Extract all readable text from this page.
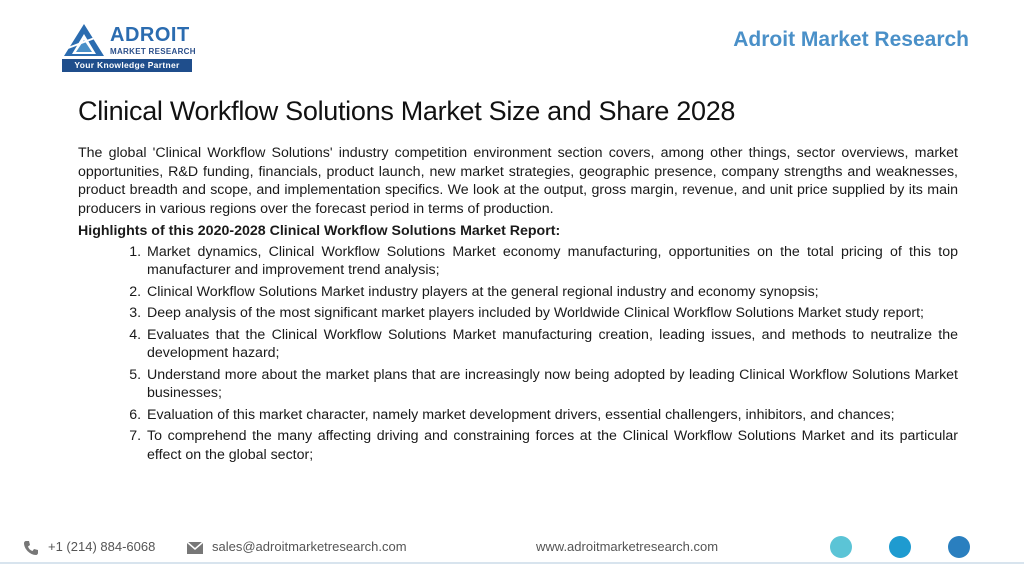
ADROIT
MARKET RESEARCH
Your Knowledge Partner
Adroit Market Research
Clinical Workflow Solutions Market Size and Share 2028

The global 'Clinical Workflow Solutions' industry competition environment section covers, among other things, sector overviews, market opportunities, R&D funding, financials, product launch, new market strategies, geographic presence, company strengths and weaknesses, product breadth and scope, and implementation specifics. We look at the output, gross margin, revenue, and unit price supplied by its main producers in various regions over the forecast period in terms of production.

Highlights of this 2020-2028 Clinical Workflow Solutions Market Report:
1. Market dynamics, Clinical Workflow Solutions Market economy manufacturing, opportunities on the total pricing of this top manufacturer and improvement trend analysis;
2. Clinical Workflow Solutions Market industry players at the general regional industry and economy synopsis;
3. Deep analysis of the most significant market players included by Worldwide Clinical Workflow Solutions Market study report;
4. Evaluates that the Clinical Workflow Solutions Market manufacturing creation, leading issues, and methods to neutralize the development hazard;
5. Understand more about the market plans that are increasingly now being adopted by leading Clinical Workflow Solutions Market businesses;
6. Evaluation of this market character, namely market development drivers, essential challengers, inhibitors, and chances;
7. To comprehend the many affecting driving and constraining forces at the Clinical Workflow Solutions Market and its particular effect on the global sector;
+1 (214) 884-6068	sales@adroitmarketresearch.com	www.adroitmarketresearch.com
